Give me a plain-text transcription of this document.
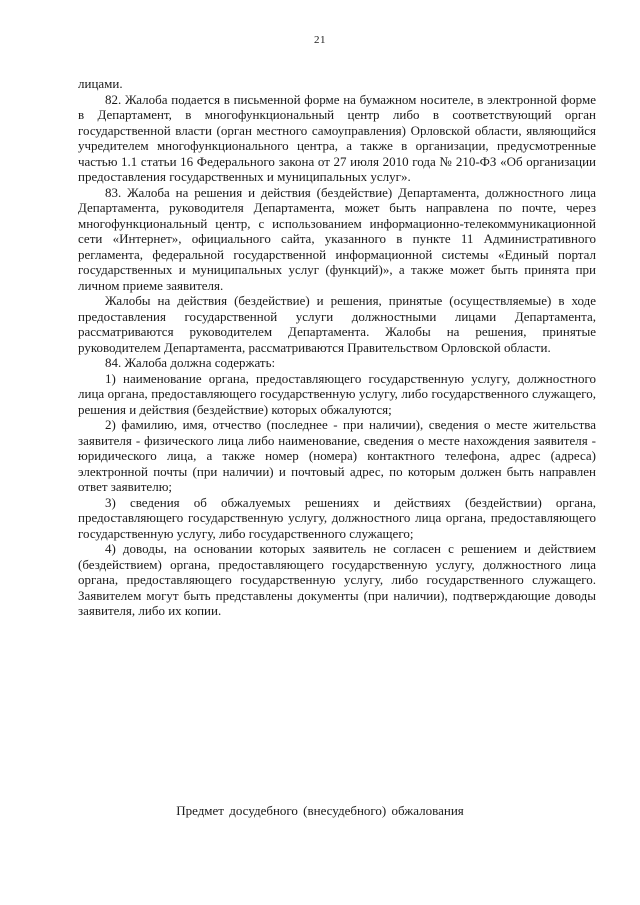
21

лицами.

82. Жалоба подается в письменной форме на бумажном носителе, в электронной форме в Департамент, в многофункциональный центр либо в соответствующий орган государственной власти (орган местного самоуправления) Орловской области, являющийся учредителем многофункционального центра, а также в организации, предусмотренные частью 1.1 статьи 16 Федерального закона от 27 июля 2010 года № 210-ФЗ «Об организации предоставления государственных и муниципальных услуг».

83. Жалоба на решения и действия (бездействие) Департамента, должностного лица Департамента, руководителя Департамента, может быть направлена по почте, через многофункциональный центр, с использованием информационно-телекоммуникационной сети «Интернет», официального сайта, указанного в пункте 11 Административного регламента, федеральной государственной информационной системы «Единый портал государственных и муниципальных услуг (функций)», а также может быть принята при личном приеме заявителя.

Жалобы на действия (бездействие) и решения, принятые (осуществляемые) в ходе предоставления государственной услуги должностными лицами Департамента, рассматриваются руководителем Департамента. Жалобы на решения, принятые руководителем Департамента, рассматриваются Правительством Орловской области.

84. Жалоба должна содержать:

1) наименование органа, предоставляющего государственную услугу, должностного лица органа, предоставляющего государственную услугу, либо государственного служащего, решения и действия (бездействие) которых обжалуются;

2) фамилию, имя, отчество (последнее - при наличии), сведения о месте жительства заявителя - физического лица либо наименование, сведения о месте нахождения заявителя - юридического лица, а также номер (номера) контактного телефона, адрес (адреса) электронной почты (при наличии) и почтовый адрес, по которым должен быть направлен ответ заявителю;

3) сведения об обжалуемых решениях и действиях (бездействии) органа, предоставляющего государственную услугу, должностного лица органа, предоставляющего государственную услугу, либо государственного служащего;

4) доводы, на основании которых заявитель не согласен с решением и действием (бездействием) органа, предоставляющего государственную услугу, должностного лица органа, предоставляющего государственную услугу, либо государственного служащего. Заявителем могут быть представлены документы (при наличии), подтверждающие доводы заявителя, либо их копии.

Предмет досудебного (внесудебного) обжалования
